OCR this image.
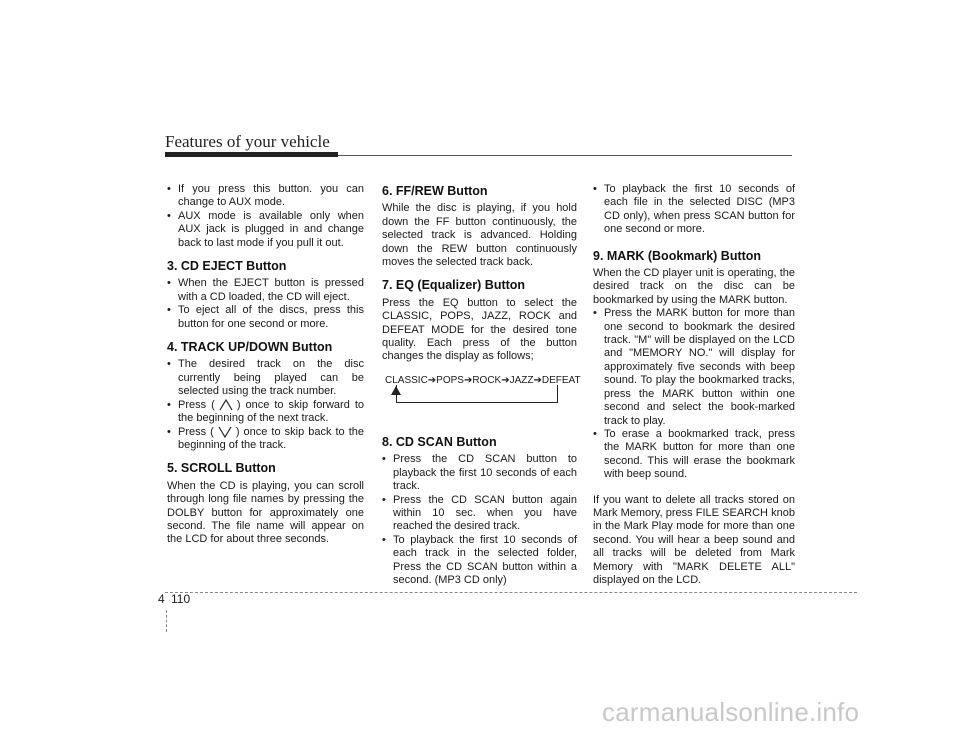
Features of your vehicle
• If you press this button. you can change to AUX mode.
• AUX mode is available only when AUX jack is plugged in and change back to last mode if you pull it out.
3. CD EJECT Button
• When the EJECT button is pressed with a CD loaded, the CD will eject.
• To eject all of the discs, press this button for one second or more.
4. TRACK UP/DOWN Button
• The desired track on the disc currently being played can be selected using the track number.
• Press ( ) once to skip forward to the beginning of the next track.
• Press ( ) once to skip back to the beginning of the track.
5. SCROLL Button

When the CD is playing, you can scroll through long file names by pressing the DOLBY button for approximately one second. The file name will appear on the LCD for about three seconds.

6. FF/REW Button

While the disc is playing, if you hold down the FF button continuously, the selected track is advanced. Holding down the REW button continuously moves the selected track back.

7. EQ (Equalizer) Button

Press the EQ button to select the CLASSIC, POPS, JAZZ, ROCK and DEFEAT MODE for the desired tone quality. Each press of the button changes the display as follows;

CLASSIC➔POPS➔ROCK➔JAZZ➔DEFEAT
8. CD SCAN Button
• Press the CD SCAN button to playback the first 10 seconds of each track.
• Press the CD SCAN button again within 10 sec. when you have reached the desired track.
• To playback the first 10 seconds of each track in the selected folder, Press the CD SCAN button within a second. (MP3 CD only)
• To playback the first 10 seconds of each file in the selected DISC (MP3 CD only), when press SCAN button for one second or more.
9. MARK (Bookmark) Button

When the CD player unit is operating, the desired track on the disc can be bookmarked by using the MARK button.

• Press the MARK button for more than one second to bookmark the desired track. "M" will be displayed on the LCD and "MEMORY NO." will display for approximately five seconds with beep sound. To play the bookmarked tracks, press the MARK button within one second and select the book-marked track to play.
• To erase a bookmarked track, press the MARK button for more than one second. This will erase the bookmark with beep sound.

If you want to delete all tracks stored on Mark Memory, press FILE SEARCH knob in the Mark Play mode for more than one second. You will hear a beep sound and all tracks will be deleted from Mark Memory with "MARK DELETE ALL" displayed on the LCD.

4 110
carmanualsonline.info
